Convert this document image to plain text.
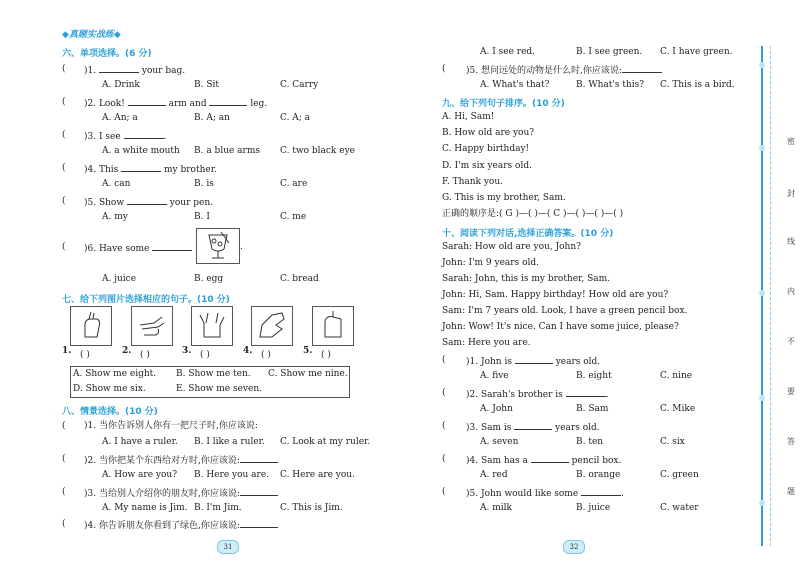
◆真题实战练◆
六、单项选择。(6 分)
( )1.	your bag.
A. Drink	B. Sit	C. Carry
( )2. Look!	arm and	leg.
A. An; a	B. A; an	C. A; a
( )3. I see	.
A. a white mouth B. a blue arms C. two black eye
( )4. This	my brother.
A. can	B. is	C. are
( )5. Show	your pen.
A. my	B. I	C. me
( )6. Have some	.
A. juice	B. egg	C. bread
七、给下列图片选择相应的句子。(10 分)
1. ( )	2. ( )	3. ( )	4. ( )	5. ( )
A. Show me eight. B. Show me ten. C. Show me nine.
D. Show me six.	E. Show me seven.
八、情景选择。(10 分)
( )1. 当你告诉别人你有一把尺子时,你应该说:
A. I have a ruler. B. I like a ruler. C. Look at my ruler.
( )2. 当你把某个东西给对方时,你应该说:
A. How are you? B. Here you are. C. Here are you.
( )3. 当给别人介绍你的朋友时,你应该说:
A. My name is Jim. B. I'm Jim.	C. This is Jim.
( )4. 你告诉朋友你看到了绿色,你应该说:
31
A. I see red.	B. I see green. C. I have green.
( )5. 想问远处的动物是什么时,你应该说:
A. What's that?	B. What's this? C. This is a bird.
九、给下列句子排序。(10 分)
A. Hi, Sam!
B. How old are you?
C. Happy birthday!
D. I'm six years old.
F. Thank you.
G. This is my brother, Sam.
正确的顺序是:( G )—( )—( C )—( )—( )—( )
十、阅读下列对话,选择正确答案。(10 分)
Sarah: How old are you, John?
John: I'm 9 years old.
Sarah: John, this is my brother, Sam.
John: Hi, Sam. Happy birthday! How old are you?
Sam: I'm 7 years old. Look, I have a green pencil box.
John: Wow! It's nice. Can I have some juice, please?
Sam: Here you are.
( )1. John is	years old.
A. five	B. eight	C. nine
( )2. Sarah's brother is	.
A. John	B. Sam	C. Mike
( )3. Sam is	years old.
A. seven	B. ten	C. six
( )4. Sam has a	pencil box.
A. red	B. orange	C. green
( )5. John would like some	.
A. milk	B. juice	C. water
32
密
封
线
内
不
要
答
题
